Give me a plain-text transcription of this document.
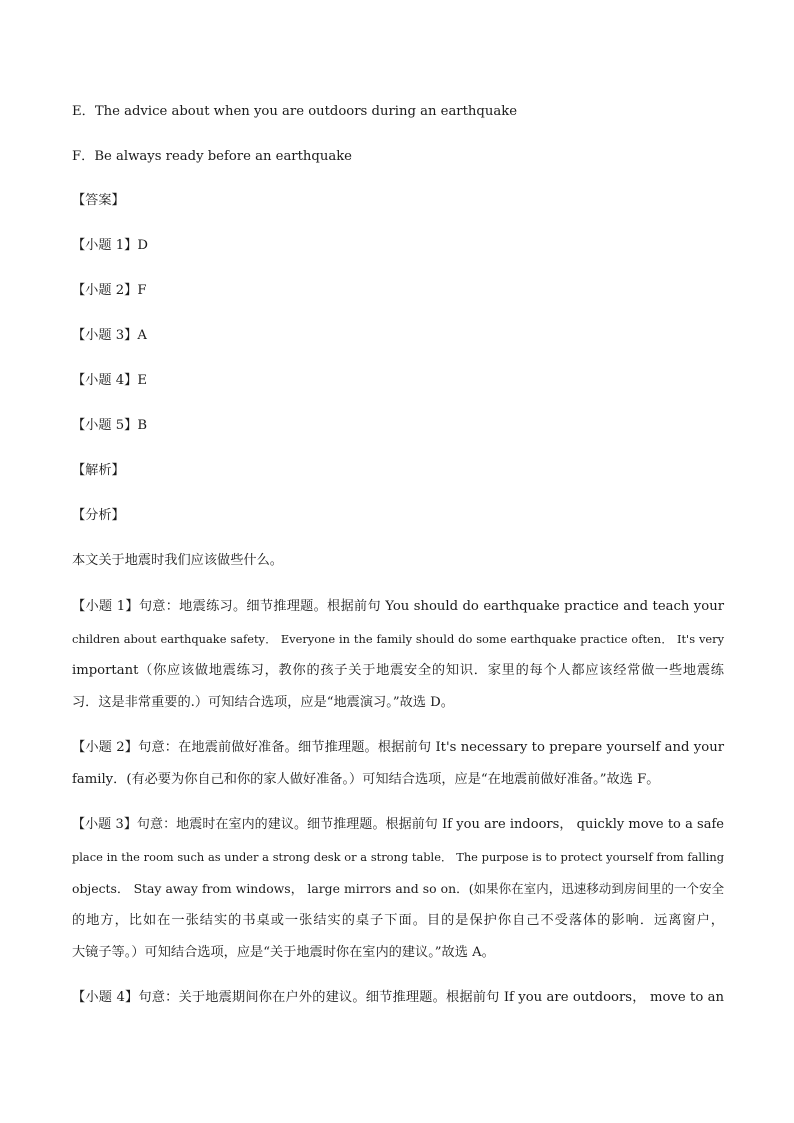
E．The advice about when you are outdoors during an earthquake
F．Be always ready before an earthquake
【答案】
【小题 1】D
【小题 2】F
【小题 3】A
【小题 4】E
【小题 5】B
【解析】
【分析】
本文关于地震时我们应该做些什么。
【小题 1】句意：地震练习。细节推理题。根据前句 You should do earthquake practice and teach your
children about earthquake safety． Everyone in the family should do some earthquake practice often． It's very
important（你应该做地震练习，教你的孩子关于地震安全的知识．家里的每个人都应该经常做一些地震练
习．这是非常重要的.）可知结合选项，应是“地震演习。”故选 D。
【小题 2】句意：在地震前做好准备。细节推理题。根据前句 It's necessary to prepare yourself and your
family．(有必要为你自己和你的家人做好准备。）可知结合选项，应是“在地震前做好准备。”故选 F。
【小题 3】句意：地震时在室内的建议。细节推理题。根据前句 If you are indoors， quickly move to a safe
place in the room such as under a strong desk or a strong table． The purpose is to protect yourself from falling
objects． Stay away from windows， large mirrors and so on．(如果你在室内，迅速移动到房间里的一个安全
的地方，比如在一张结实的书桌或一张结实的桌子下面。目的是保护你自己不受落体的影响．远离窗户，
大镜子等。）可知结合选项，应是“关于地震时你在室内的建议。”故选 A。
【小题 4】句意：关于地震期间你在户外的建议。细节推理题。根据前句 If you are outdoors， move to an
